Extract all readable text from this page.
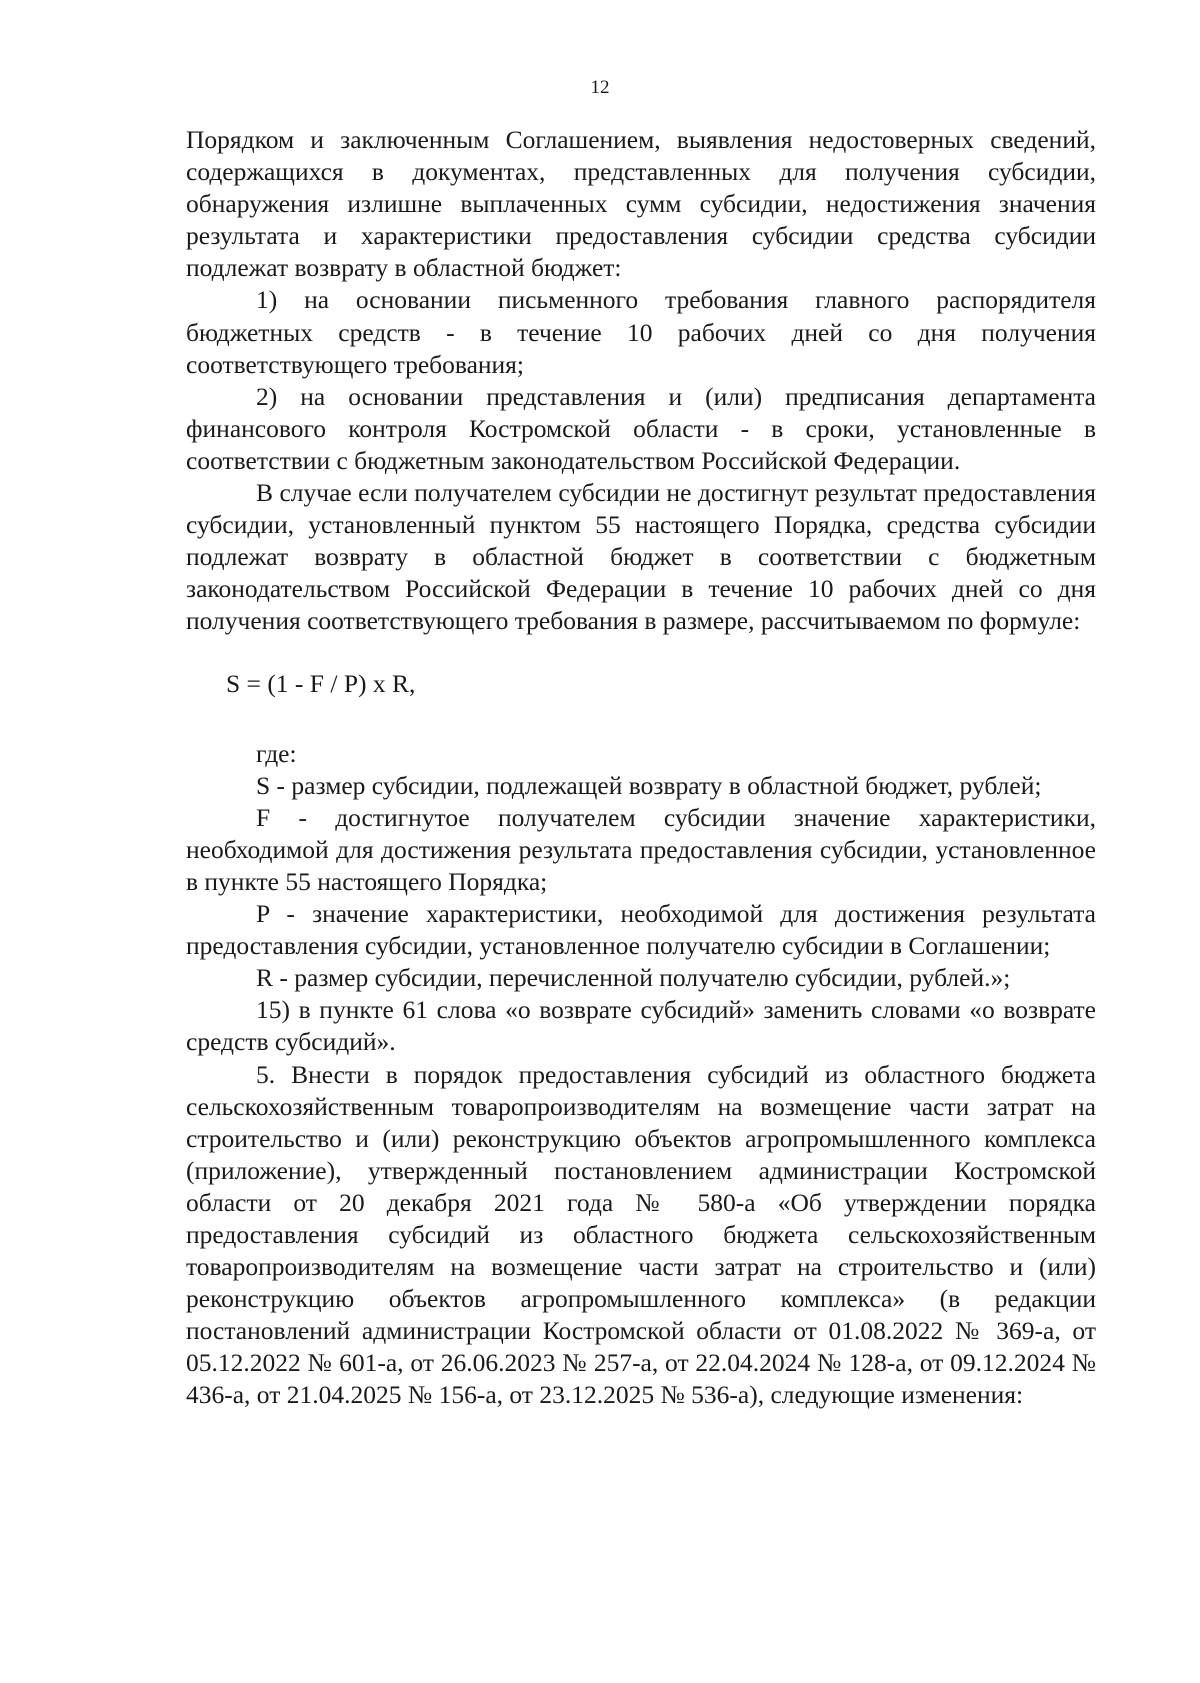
12

Порядком и заключенным Соглашением, выявления недостоверных сведений, содержащихся в документах, представленных для получения субсидии, обнаружения излишне выплаченных сумм субсидии, недостижения значения результата и характеристики предоставления субсидии средства субсидии подлежат возврату в областной бюджет:

1) на основании письменного требования главного распорядителя бюджетных средств - в течение 10 рабочих дней со дня получения соответствующего требования;

2) на основании представления и (или) предписания департамента финансового контроля Костромской области - в сроки, установленные в соответствии с бюджетным законодательством Российской Федерации.

В случае если получателем субсидии не достигнут результат предоставления субсидии, установленный пунктом 55 настоящего Порядка, средства субсидии подлежат возврату в областной бюджет в соответствии с бюджетным законодательством Российской Федерации в течение 10 рабочих дней со дня получения соответствующего требования в размере, рассчитываемом по формуле:

S = (1 - F / P) x R,

где:

S - размер субсидии, подлежащей возврату в областной бюджет, рублей;

F - достигнутое получателем субсидии значение характеристики, необходимой для достижения результата предоставления субсидии, установленное в пункте 55 настоящего Порядка;

P - значение характеристики, необходимой для достижения результата предоставления субсидии, установленное получателю субсидии в Соглашении;

R - размер субсидии, перечисленной получателю субсидии, рублей.»;

15) в пункте 61 слова «о возврате субсидий» заменить словами «о возврате средств субсидий».

5. Внести в порядок предоставления субсидий из областного бюджета сельскохозяйственным товаропроизводителям на возмещение части затрат на строительство и (или) реконструкцию объектов агропромышленного комплекса (приложение), утвержденный постановлением администрации Костромской области от 20 декабря 2021 года № 580-а «Об утверждении порядка предоставления субсидий из областного бюджета сельскохозяйственным товаропроизводителям на возмещение части затрат на строительство и (или) реконструкцию объектов агропромышленного комплекса» (в редакции постановлений администрации Костромской области от 01.08.2022 № 369-а, от 05.12.2022 № 601-а, от 26.06.2023 № 257-а, от 22.04.2024 № 128-а, от 09.12.2024 № 436-а, от 21.04.2025 № 156-а, от 23.12.2025 № 536-а), следующие изменения:
